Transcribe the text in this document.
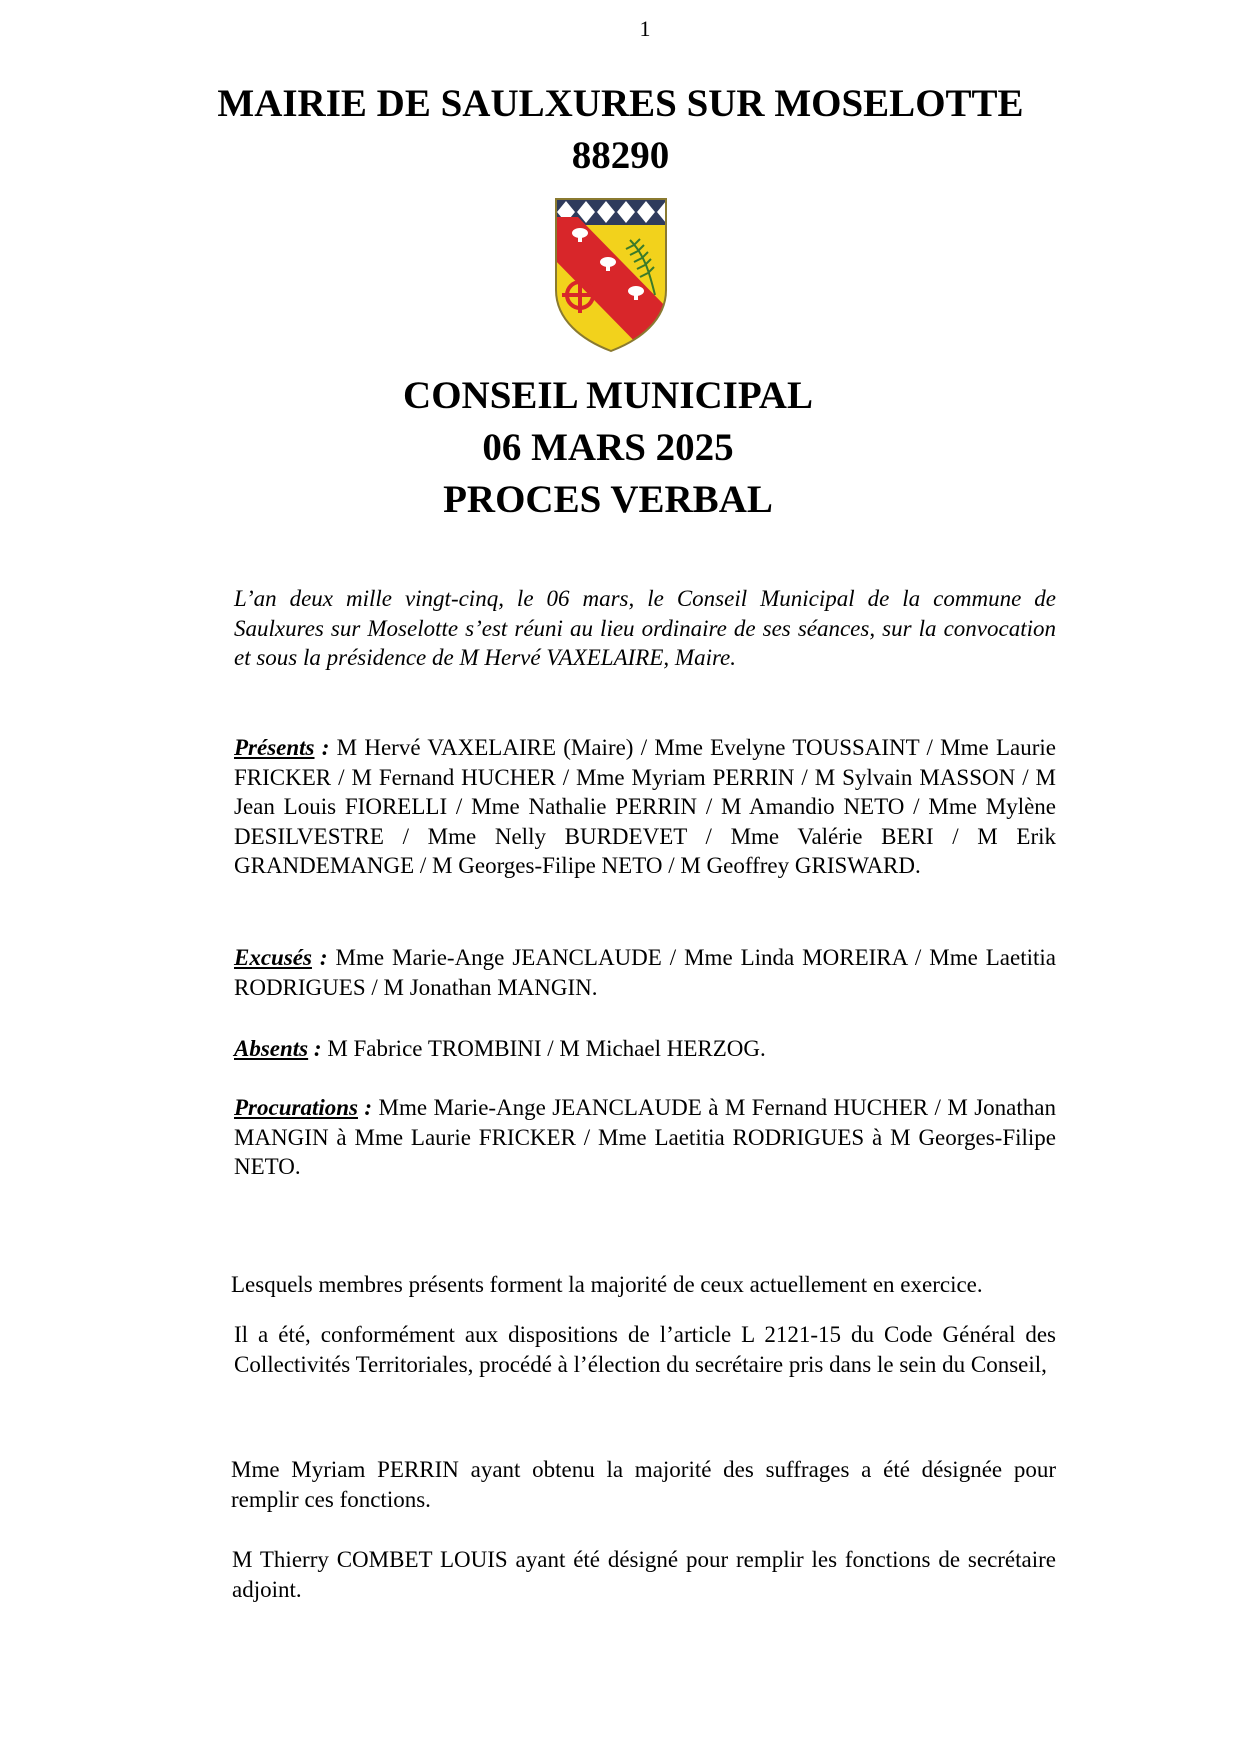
1
MAIRIE DE SAULXURES SUR MOSELOTTE
88290
CONSEIL MUNICIPAL
06 MARS 2025
PROCES VERBAL

L’an deux mille vingt-cinq, le 06 mars, le Conseil Municipal de la commune de Saulxures sur Moselotte s’est réuni au lieu ordinaire de ses séances, sur la convocation et sous la présidence de M Hervé VAXELAIRE, Maire.

Présents : M Hervé VAXELAIRE (Maire) / Mme Evelyne TOUSSAINT / Mme Laurie FRICKER / M Fernand HUCHER / Mme Myriam PERRIN / M Sylvain MASSON / M Jean Louis FIORELLI / Mme Nathalie PERRIN / M Amandio NETO / Mme Mylène DESILVESTRE / Mme Nelly BURDEVET / Mme Valérie BERI / M Erik GRANDEMANGE / M Georges-Filipe NETO / M Geoffrey GRISWARD.

Excusés : Mme Marie-Ange JEANCLAUDE / Mme Linda MOREIRA / Mme Laetitia RODRIGUES / M Jonathan MANGIN.

Absents : M Fabrice TROMBINI / M Michael HERZOG.

Procurations : Mme Marie-Ange JEANCLAUDE à M Fernand HUCHER / M Jonathan MANGIN à Mme Laurie FRICKER / Mme Laetitia RODRIGUES à M Georges-Filipe NETO.

Lesquels membres présents forment la majorité de ceux actuellement en exercice.

Il a été, conformément aux dispositions de l’article L 2121-15 du Code Général des Collectivités Territoriales, procédé à l’élection du secrétaire pris dans le sein du Conseil,

Mme Myriam PERRIN ayant obtenu la majorité des suffrages a été désignée pour remplir ces fonctions.

M Thierry COMBET LOUIS ayant été désigné pour remplir les fonctions de secrétaire adjoint.
